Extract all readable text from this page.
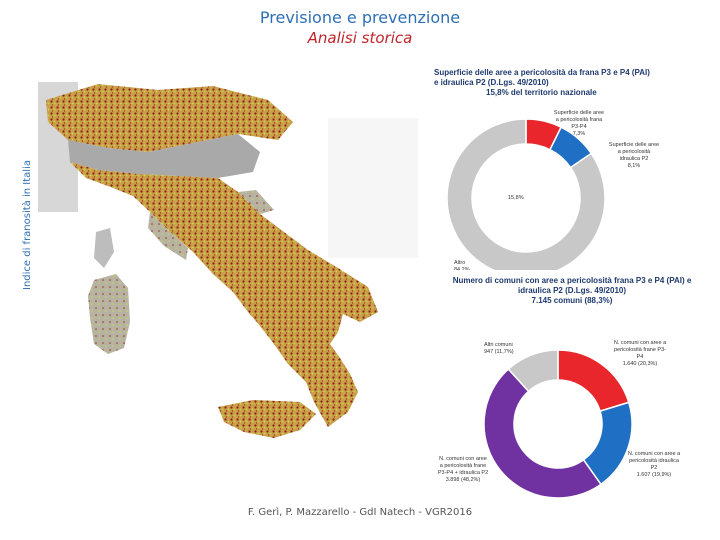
Previsione e prevenzione
Analisi storica
Indice di franosità in Italia
Superficie delle aree a pericolosità da frana P3 e P4 (PAI)
e idraulica P2 (D.Lgs. 49/2010)
15,8% del territorio nazionale
Superficie delle aree
a pericolosità frana
P3-P4
7,3%
Superficie delle aree
a pericolosità
idraulica P2
8,1%
15,8%
Altro
Numero di comuni con aree a pericolosità frana P3 e P4 (PAI) e
idraulica P2 (D.Lgs. 49/2010)
7.145 comuni (88,3%)
Altri comuni
947 (11,7%)
N. comuni con aree a
pericolosità frane P3-
P4
1.640 (20,3%)
N. comuni con aree
a pericolosità frane
P3-P4 + idraulica P2
3.898 (48,2%)
N. comuni con aree a
pericolosità idraulica
P2
1.607 (19,9%)
F. Gerì, P. Mazzarello - GdI Natech - VGR2016
